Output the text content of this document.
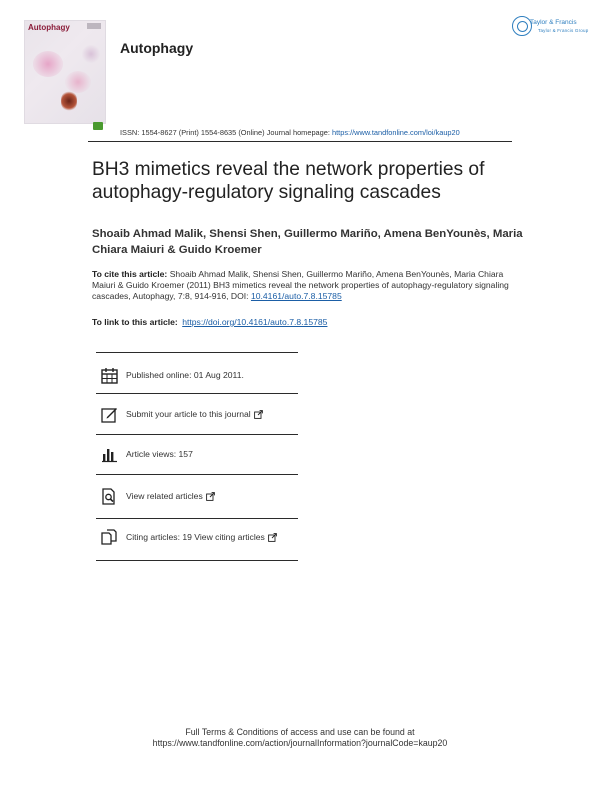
Autophagy
Autophagy
Taylor & Francis
Taylor & Francis Group
ISSN: 1554-8627 (Print) 1554-8635 (Online) Journal homepage: https://www.tandfonline.com/loi/kaup20
BH3 mimetics reveal the network properties of autophagy-regulatory signaling cascades
Shoaib Ahmad Malik, Shensi Shen, Guillermo Mariño, Amena BenYounès, Maria Chiara Maiuri & Guido Kroemer
To cite this article: Shoaib Ahmad Malik, Shensi Shen, Guillermo Mariño, Amena BenYounès, Maria Chiara Maiuri & Guido Kroemer (2011) BH3 mimetics reveal the network properties of autophagy-regulatory signaling cascades, Autophagy, 7:8, 914-916, DOI: 10.4161/auto.7.8.15785
To link to this article: https://doi.org/10.4161/auto.7.8.15785
Published online: 01 Aug 2011.
Submit your article to this journal
Article views: 157
View related articles
Citing articles: 19 View citing articles
Full Terms & Conditions of access and use can be found at
https://www.tandfonline.com/action/journalInformation?journalCode=kaup20
